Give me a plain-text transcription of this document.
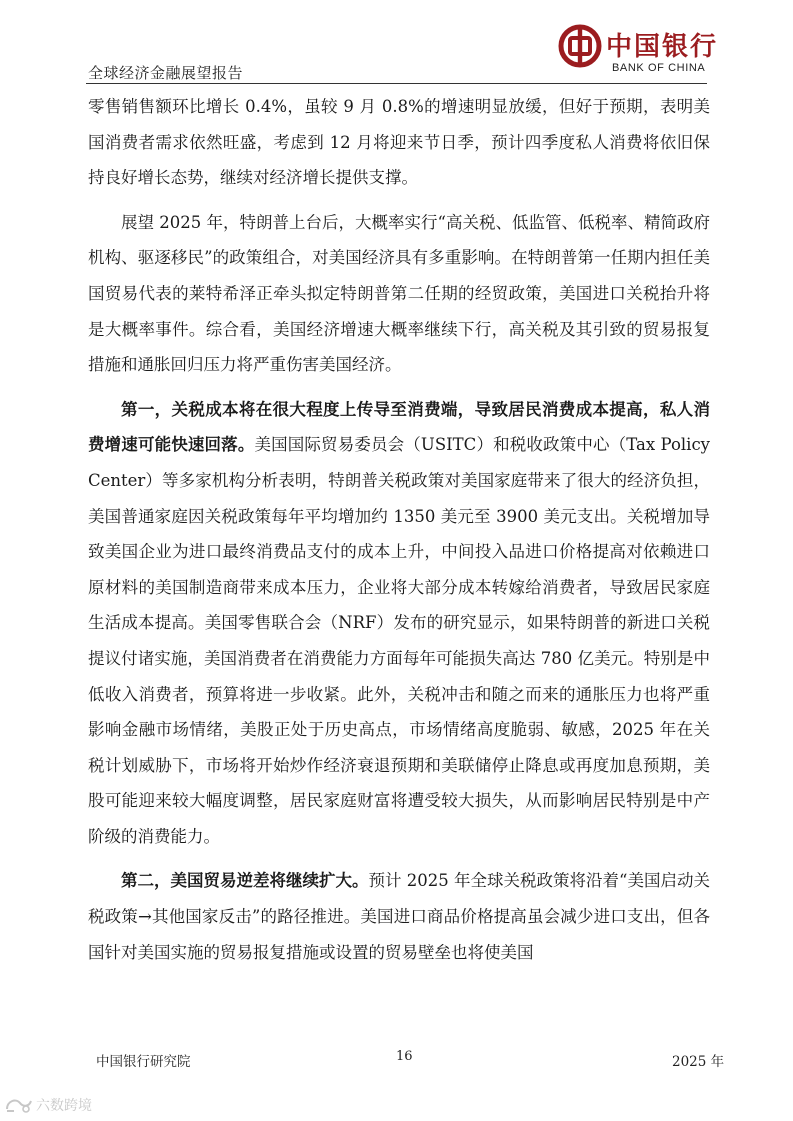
全球经济金融展望报告
中国银行
BANK OF CHINA

零售销售额环比增长 0.4%，虽较 9 月 0.8%的增速明显放缓，但好于预期，表明美国消费者需求依然旺盛，考虑到 12 月将迎来节日季，预计四季度私人消费将依旧保持良好增长态势，继续对经济增长提供支撑。

展望 2025 年，特朗普上台后，大概率实行“高关税、低监管、低税率、精简政府机构、驱逐移民”的政策组合，对美国经济具有多重影响。在特朗普第一任期内担任美国贸易代表的莱特希泽正牵头拟定特朗普第二任期的经贸政策，美国进口关税抬升将是大概率事件。综合看，美国经济增速大概率继续下行，高关税及其引致的贸易报复措施和通胀回归压力将严重伤害美国经济。

第一，关税成本将在很大程度上传导至消费端，导致居民消费成本提高，私人消费增速可能快速回落。美国国际贸易委员会（USITC）和税收政策中心（Tax Policy Center）等多家机构分析表明，特朗普关税政策对美国家庭带来了很大的经济负担，美国普通家庭因关税政策每年平均增加约 1350 美元至 3900 美元支出。关税增加导致美国企业为进口最终消费品支付的成本上升，中间投入品进口价格提高对依赖进口原材料的美国制造商带来成本压力，企业将大部分成本转嫁给消费者，导致居民家庭生活成本提高。美国零售联合会（NRF）发布的研究显示，如果特朗普的新进口关税提议付诸实施，美国消费者在消费能力方面每年可能损失高达 780 亿美元。特别是中低收入消费者，预算将进一步收紧。此外，关税冲击和随之而来的通胀压力也将严重影响金融市场情绪，美股正处于历史高点，市场情绪高度脆弱、敏感，2025 年在关税计划威胁下，市场将开始炒作经济衰退预期和美联储停止降息或再度加息预期，美股可能迎来较大幅度调整，居民家庭财富将遭受较大损失，从而影响居民特别是中产阶级的消费能力。

第二，美国贸易逆差将继续扩大。预计 2025 年全球关税政策将沿着“美国启动关税政策→其他国家反击”的路径推进。美国进口商品价格提高虽会减少进口支出，但各国针对美国实施的贸易报复措施或设置的贸易壁垒也将使美国

中国银行研究院	16	2025 年
六数跨境
